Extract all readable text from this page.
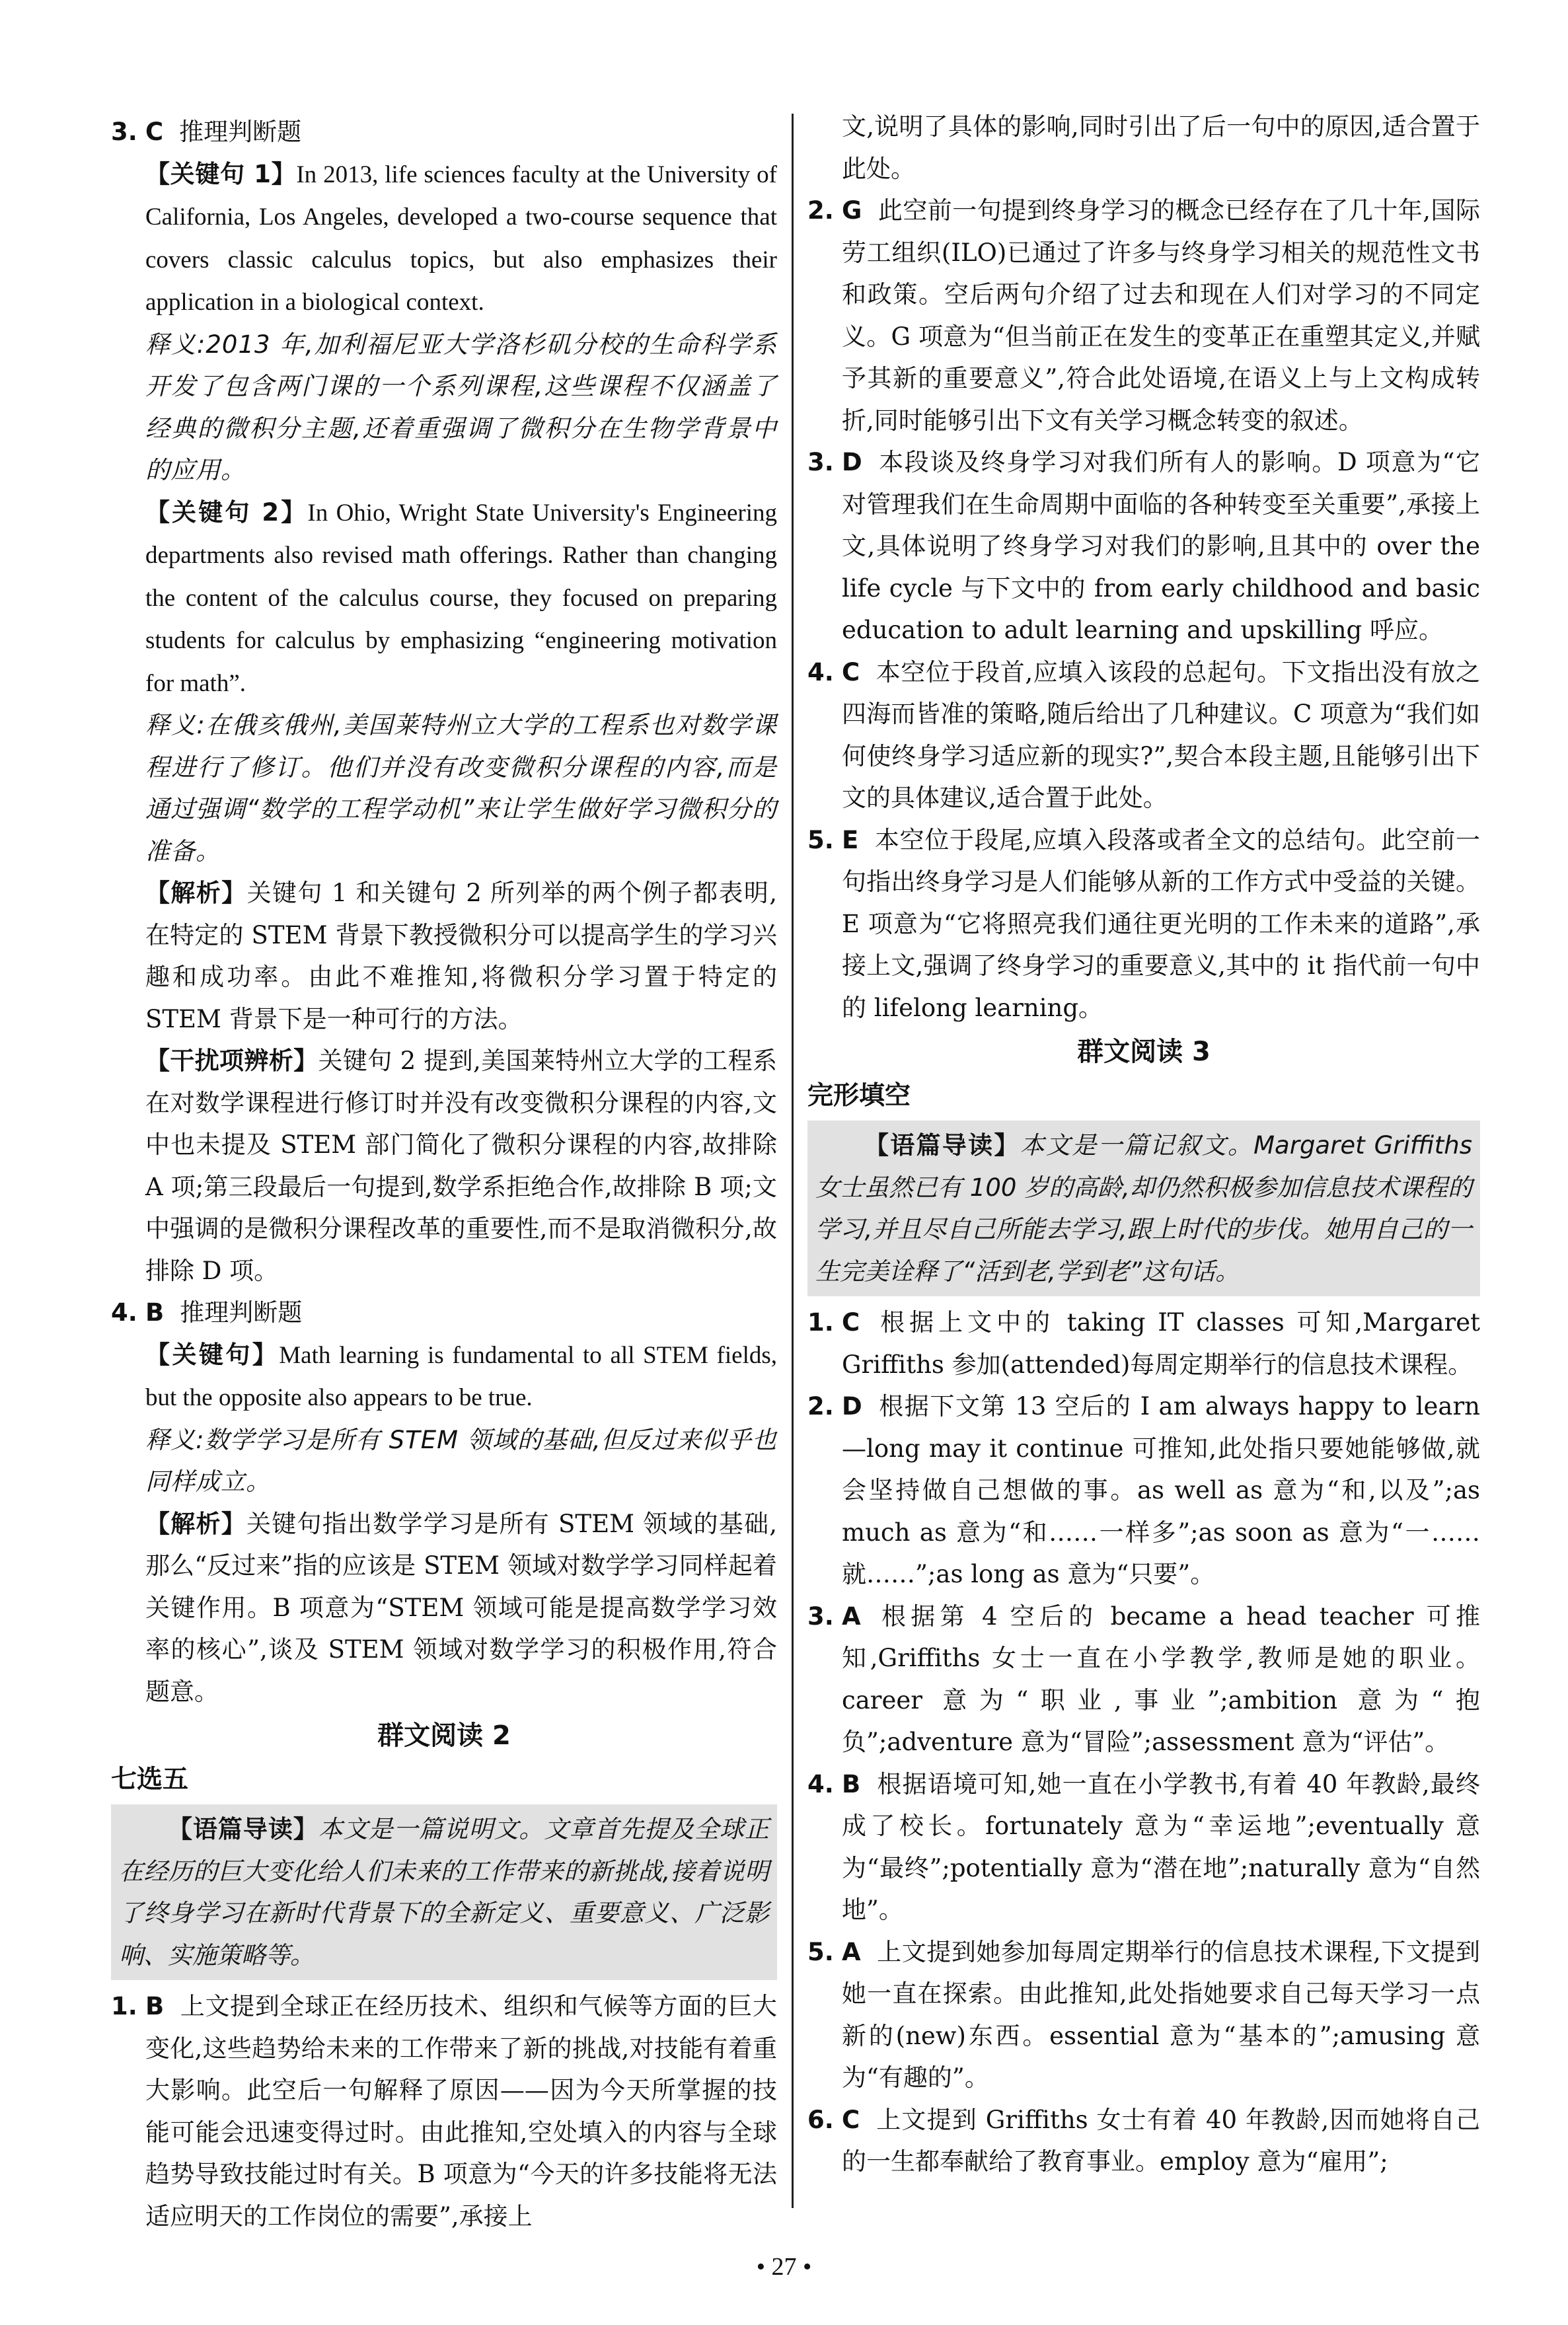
3. C 推理判断题
【关键句 1】In 2013, life sciences faculty at the University of California, Los Angeles, developed a two-course sequence that covers classic calculus topics, but also emphasizes their application in a biological context.
释义:2013 年,加利福尼亚大学洛杉矶分校的生命科学系开发了包含两门课的一个系列课程,这些课程不仅涵盖了经典的微积分主题,还着重强调了微积分在生物学背景中的应用。
【关键句 2】In Ohio, Wright State University's Engineering departments also revised math offerings. Rather than changing the content of the calculus course, they focused on preparing students for calculus by emphasizing “engineering motivation for math”.
释义:在俄亥俄州,美国莱特州立大学的工程系也对数学课程进行了修订。他们并没有改变微积分课程的内容,而是通过强调“数学的工程学动机”来让学生做好学习微积分的准备。
【解析】关键句 1 和关键句 2 所列举的两个例子都表明,在特定的 STEM 背景下教授微积分可以提高学生的学习兴趣和成功率。由此不难推知,将微积分学习置于特定的 STEM 背景下是一种可行的方法。
【干扰项辨析】关键句 2 提到,美国莱特州立大学的工程系在对数学课程进行修订时并没有改变微积分课程的内容,文中也未提及 STEM 部门简化了微积分课程的内容,故排除 A 项;第三段最后一句提到,数学系拒绝合作,故排除 B 项;文中强调的是微积分课程改革的重要性,而不是取消微积分,故排除 D 项。
4. B 推理判断题
【关键句】Math learning is fundamental to all STEM fields, but the opposite also appears to be true.
释义:数学学习是所有 STEM 领域的基础,但反过来似乎也同样成立。
【解析】关键句指出数学学习是所有 STEM 领域的基础,那么“反过来”指的应该是 STEM 领域对数学学习同样起着关键作用。B 项意为“STEM 领域可能是提高数学学习效率的核心”,谈及 STEM 领域对数学学习的积极作用,符合题意。
群文阅读 2
七选五
【语篇导读】本文是一篇说明文。文章首先提及全球正在经历的巨大变化给人们未来的工作带来的新挑战,接着说明了终身学习在新时代背景下的全新定义、重要意义、广泛影响、实施策略等。
1. B 上文提到全球正在经历技术、组织和气候等方面的巨大变化,这些趋势给未来的工作带来了新的挑战,对技能有着重大影响。此空后一句解释了原因——因为今天所掌握的技能可能会迅速变得过时。由此推知,空处填入的内容与全球趋势导致技能过时有关。B 项意为“今天的许多技能将无法适应明天的工作岗位的需要”,承接上
文,说明了具体的影响,同时引出了后一句中的原因,适合置于此处。
2. G 此空前一句提到终身学习的概念已经存在了几十年,国际劳工组织(ILO)已通过了许多与终身学习相关的规范性文书和政策。空后两句介绍了过去和现在人们对学习的不同定义。G 项意为“但当前正在发生的变革正在重塑其定义,并赋予其新的重要意义”,符合此处语境,在语义上与上文构成转折,同时能够引出下文有关学习概念转变的叙述。
3. D 本段谈及终身学习对我们所有人的影响。D 项意为“它对管理我们在生命周期中面临的各种转变至关重要”,承接上文,具体说明了终身学习对我们的影响,且其中的 over the life cycle 与下文中的 from early childhood and basic education to adult learning and upskilling 呼应。
4. C 本空位于段首,应填入该段的总起句。下文指出没有放之四海而皆准的策略,随后给出了几种建议。C 项意为“我们如何使终身学习适应新的现实?”,契合本段主题,且能够引出下文的具体建议,适合置于此处。
5. E 本空位于段尾,应填入段落或者全文的总结句。此空前一句指出终身学习是人们能够从新的工作方式中受益的关键。E 项意为“它将照亮我们通往更光明的工作未来的道路”,承接上文,强调了终身学习的重要意义,其中的 it 指代前一句中的 lifelong learning。
群文阅读 3
完形填空
【语篇导读】本文是一篇记叙文。Margaret Griffiths 女士虽然已有 100 岁的高龄,却仍然积极参加信息技术课程的学习,并且尽自己所能去学习,跟上时代的步伐。她用自己的一生完美诠释了“活到老,学到老”这句话。
1. C 根据上文中的 taking IT classes 可知,Margaret Griffiths 参加(attended)每周定期举行的信息技术课程。
2. D 根据下文第 13 空后的 I am always happy to learn—long may it continue 可推知,此处指只要她能够做,就会坚持做自己想做的事。as well as 意为“和,以及”;as much as 意为“和……一样多”;as soon as 意为“一……就……”;as long as 意为“只要”。
3. A 根据第 4 空后的 became a head teacher 可推知,Griffiths 女士一直在小学教学,教师是她的职业。career 意为“职业,事业”;ambition 意为“抱负”;adventure 意为“冒险”;assessment 意为“评估”。
4. B 根据语境可知,她一直在小学教书,有着 40 年教龄,最终成了校长。fortunately 意为“幸运地”;eventually 意为“最终”;potentially 意为“潜在地”;naturally 意为“自然地”。
5. A 上文提到她参加每周定期举行的信息技术课程,下文提到她一直在探索。由此推知,此处指她要求自己每天学习一点新的(new)东西。essential 意为“基本的”;amusing 意为“有趣的”。
6. C 上文提到 Griffiths 女士有着 40 年教龄,因而她将自己的一生都奉献给了教育事业。employ 意为“雇用”;
• 27 •
